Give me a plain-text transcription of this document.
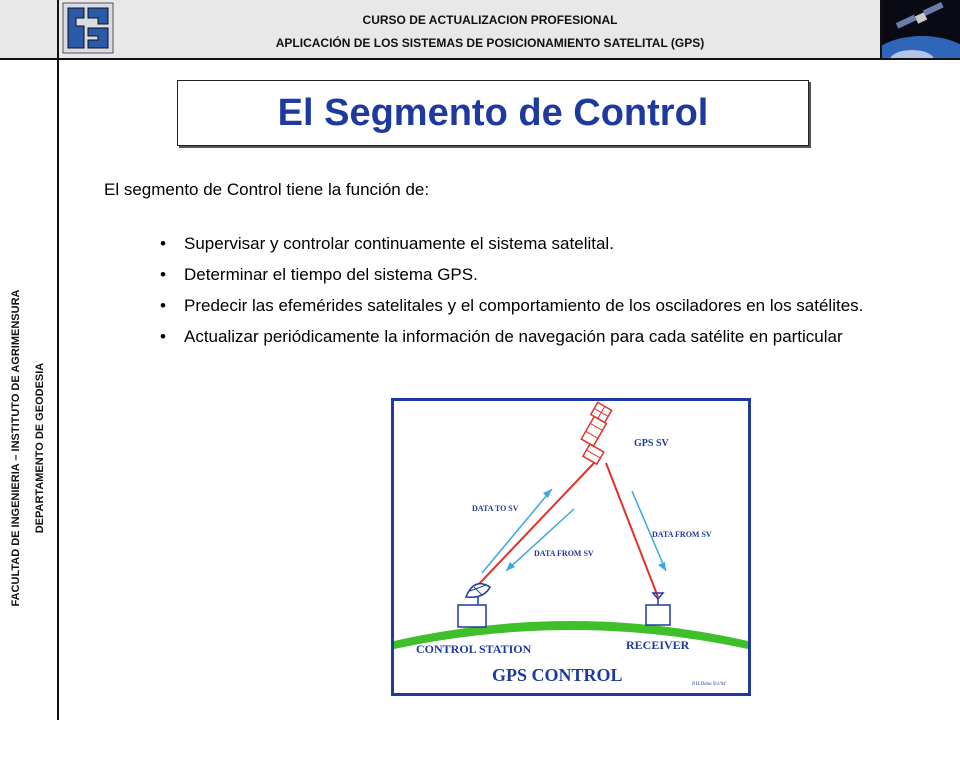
CURSO DE ACTUALIZACION PROFESIONAL
APLICACIÓN DE LOS SISTEMAS DE POSICIONAMIENTO SATELITAL (GPS)
FACULTAD DE INGENIERIA – INSTITUTO DE AGRIMENSURA	DEPARTAMENTO DE GEODESIA
El Segmento de Control
El segmento de Control tiene la función de:
• Supervisar y controlar continuamente el sistema satelital.
• Determinar el tiempo del sistema GPS.
• Predecir las efemérides satelitales y el comportamiento de los osciladores en los satélites.
• Actualizar periódicamente la información de navegación para cada satélite en particular
GPS SV
DATA TO SV
DATA FROM SV
DATA FROM SV
CONTROL STATION	RECEIVER
GPS CONTROL	P.H.Dana 9/1/94
